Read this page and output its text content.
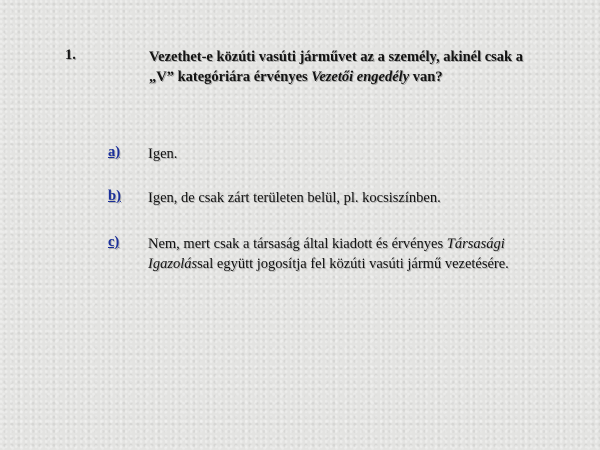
1.	Vezethet-e közúti vasúti járművet az a személy, akinél csak a „V” kategóriára érvényes Vezetői engedély van?
a) Igen.
b) Igen, de csak zárt területen belül, pl. kocsiszínben.
c) Nem, mert csak a társaság által kiadott és érvényes Társasági Igazolással együtt jogosítja fel közúti vasúti jármű vezetésére.
